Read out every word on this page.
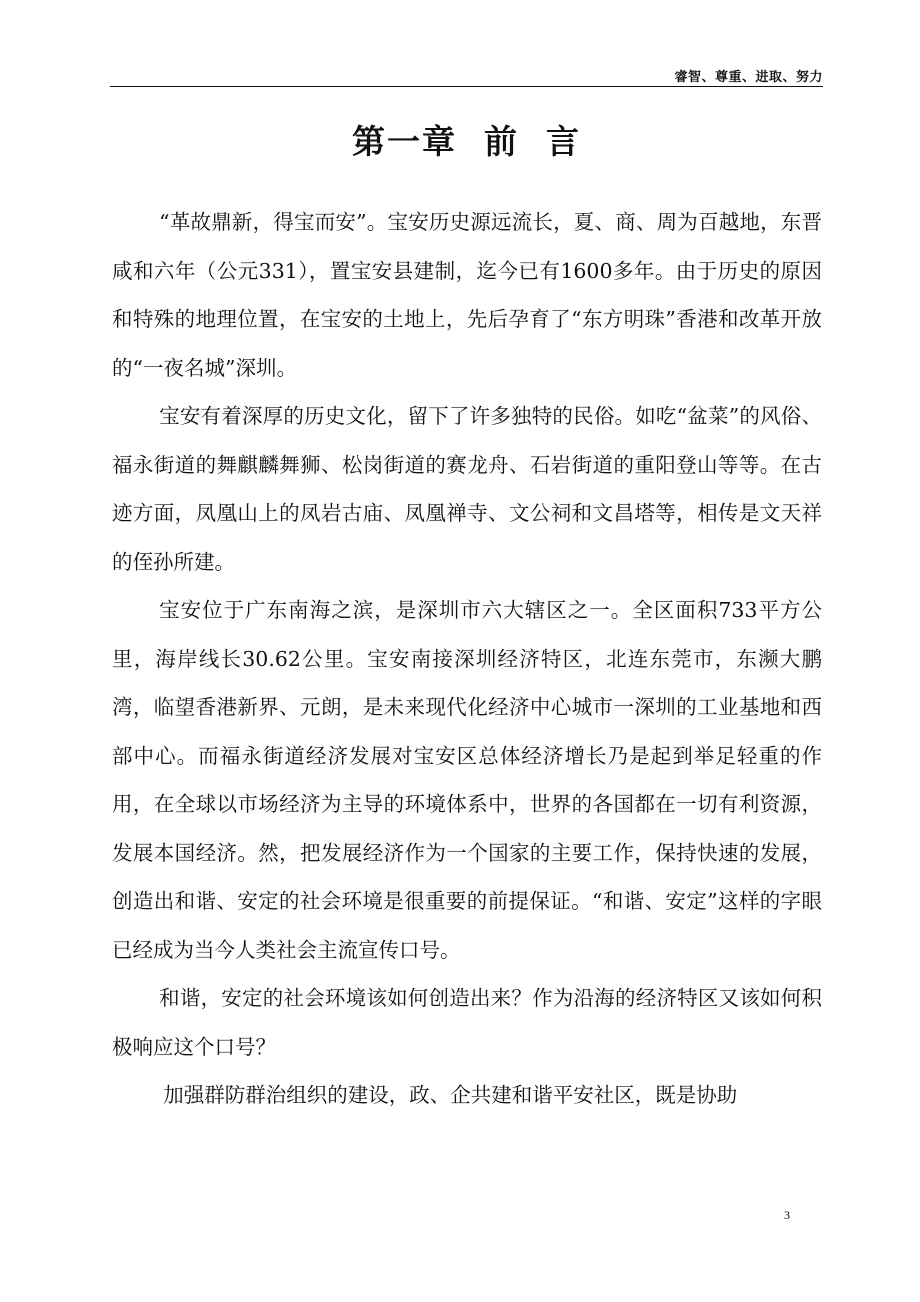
睿智、尊重、进取、努力
第一章  前  言

“革故鼎新，得宝而安”。宝安历史源远流长，夏、商、周为百越地，东晋咸和六年（公元331），置宝安县建制，迄今已有1600多年。由于历史的原因和特殊的地理位置，在宝安的土地上，先后孕育了“东方明珠”香港和改革开放的“一夜名城”深圳。

宝安有着深厚的历史文化，留下了许多独特的民俗。如吃“盆菜”的风俗、福永街道的舞麒麟舞狮、松岗街道的赛龙舟、石岩街道的重阳登山等等。在古迹方面，凤凰山上的凤岩古庙、凤凰禅寺、文公祠和文昌塔等，相传是文天祥的侄孙所建。

宝安位于广东南海之滨，是深圳市六大辖区之一。全区面积733平方公里，海岸线长30.62公里。宝安南接深圳经济特区，北连东莞市，东濒大鹏湾，临望香港新界、元朗，是未来现代化经济中心城市一深圳的工业基地和西部中心。而福永街道经济发展对宝安区总体经济增长乃是起到举足轻重的作用，在全球以市场经济为主导的环境体系中，世界的各国都在一切有利资源，发展本国经济。然，把发展经济作为一个国家的主要工作，保持快速的发展，创造出和谐、安定的社会环境是很重要的前提保证。“和谐、安定”这样的字眼已经成为当今人类社会主流宣传口号。

和谐，安定的社会环境该如何创造出来？作为沿海的经济特区又该如何积极响应这个口号？

加强群防群治组织的建设，政、企共建和谐平安社区，既是协助

3
